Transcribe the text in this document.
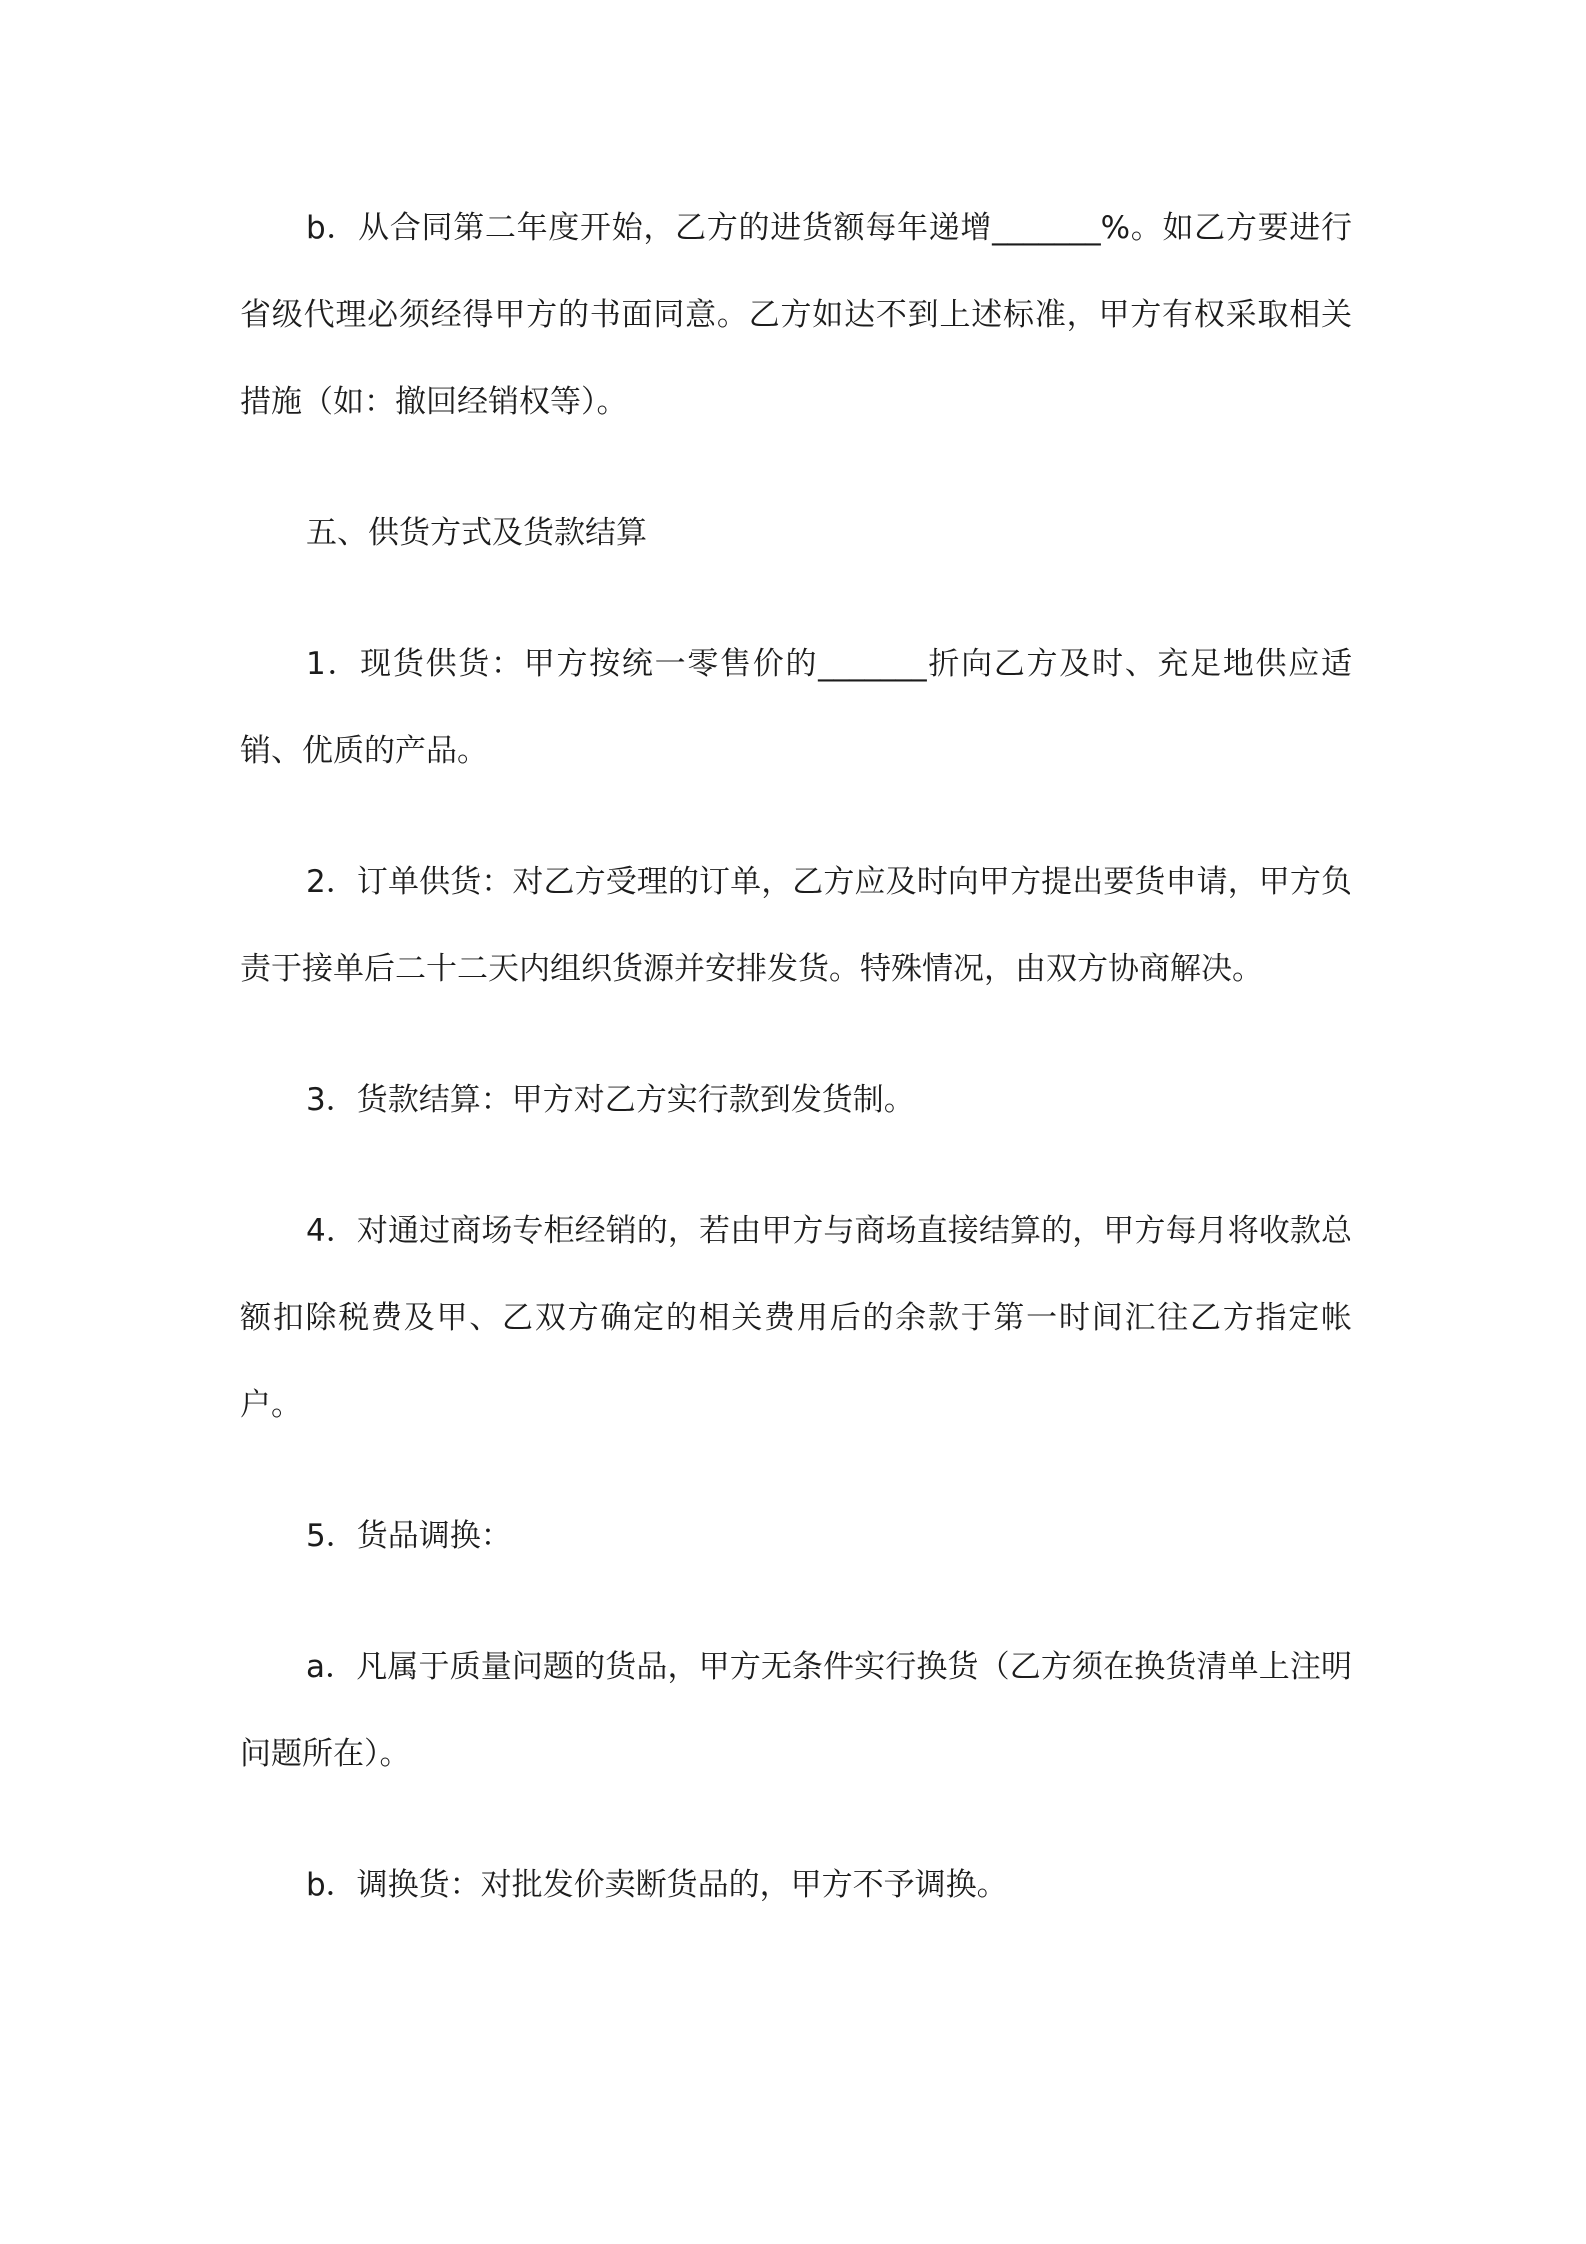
b．从合同第二年度开始，乙方的进货额每年递增_______%。如乙方要进行省级代理必须经得甲方的书面同意。乙方如达不到上述标准，甲方有权采取相关措施（如：撤回经销权等）。

五、供货方式及货款结算

1．现货供货：甲方按统一零售价的_______折向乙方及时、充足地供应适销、优质的产品。

2．订单供货：对乙方受理的订单，乙方应及时向甲方提出要货申请，甲方负责于接单后二十二天内组织货源并安排发货。特殊情况，由双方协商解决。

3．货款结算：甲方对乙方实行款到发货制。

4．对通过商场专柜经销的，若由甲方与商场直接结算的，甲方每月将收款总额扣除税费及甲、乙双方确定的相关费用后的余款于第一时间汇往乙方指定帐户。

5．货品调换：

a．凡属于质量问题的货品，甲方无条件实行换货（乙方须在换货清单上注明问题所在）。

b．调换货：对批发价卖断货品的，甲方不予调换。
